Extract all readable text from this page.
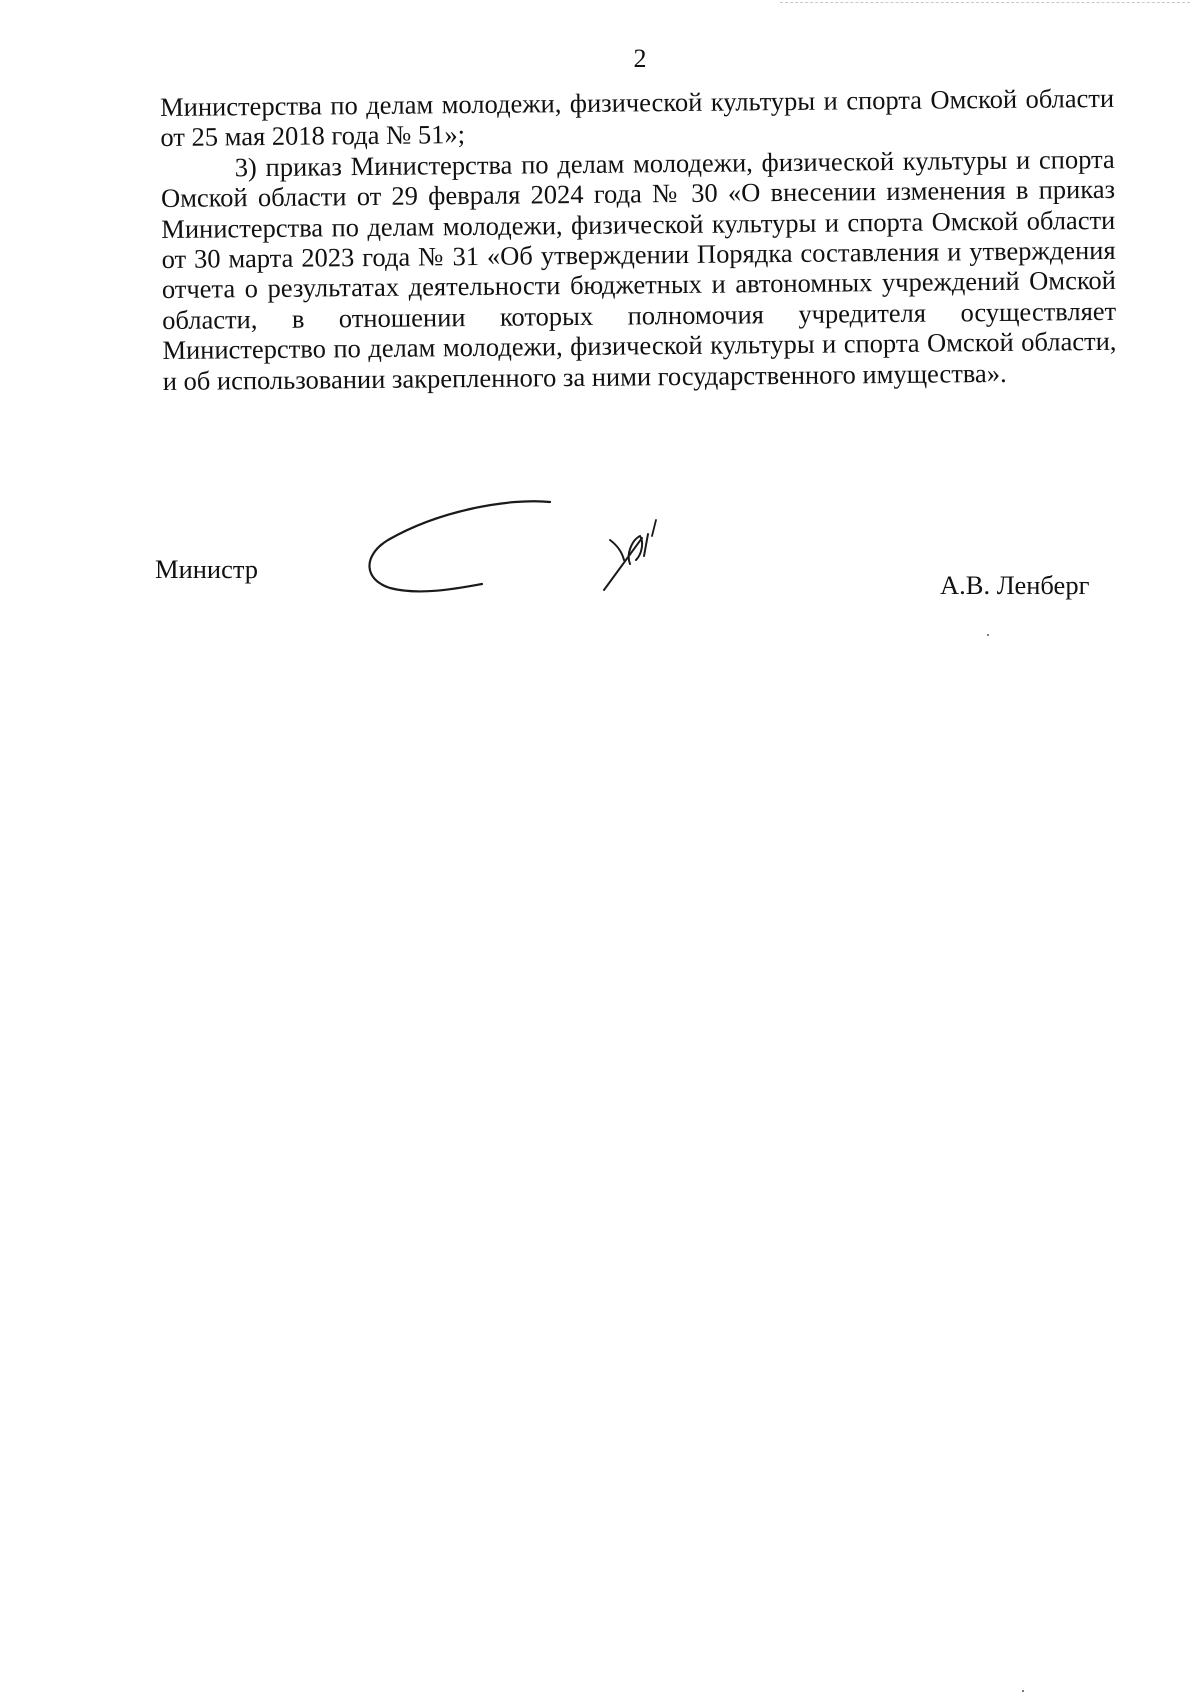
2

Министерства по делам молодежи, физической культуры и спорта Омской области от 25 мая 2018 года № 51»;

3) приказ Министерства по делам молодежи, физической культуры и спорта Омской области от 29 февраля 2024 года № 30 «О внесении изменения в приказ Министерства по делам молодежи, физической культуры и спорта Омской области от 30 марта 2023 года № 31 «Об утверждении Порядка составления и утверждения отчета о результатах деятельности бюджетных и автономных учреждений Омской области, в отношении которых полномочия учредителя осуществляет Министерство по делам молодежи, физической культуры и спорта Омской области, и об использовании закрепленного за ними государственного имущества».

Министр
А.В. Ленберг
